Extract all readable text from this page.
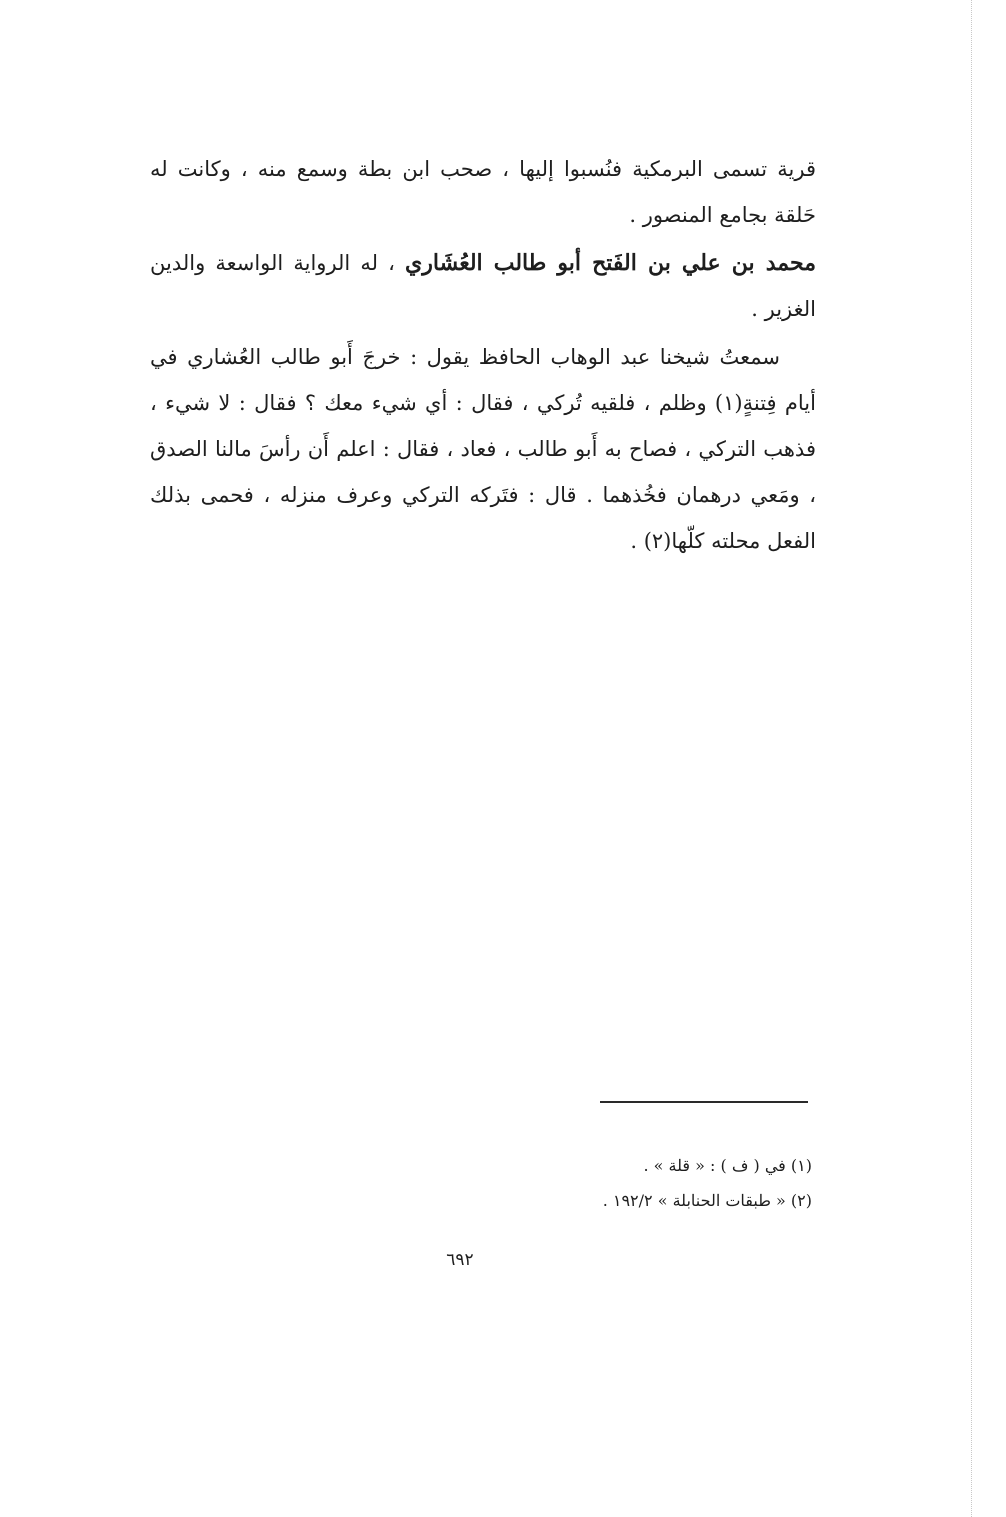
قرية تسمى البرمكية فنُسبوا إليها ، صحب ابن بطة وسمع منه ، وكانت له حَلقة بجامع المنصور .

محمد بن علي بن الفَتح أبو طالب العُشَاري ، له الرواية الواسعة والدين الغزير .

سمعتُ شيخنا عبد الوهاب الحافظ يقول : خرجَ أَبو طالب العُشاري في أيام فِتنةٍ(١) وظلم ، فلقيه تُركي ، فقال : أي شيء معك ؟ فقال : لا شيء ، فذهب التركي ، فصاح به أَبو طالب ، فعاد ، فقال : اعلم أَن رأسَ مالنا الصدق ، ومَعي درهمان فخُذهما . قال : فتَركه التركي وعرف منزله ، فحمى بذلك الفعل محلته كلّها(٢) .

(١) في ( ف ) : « قلة » .

(٢) « طبقات الحنابلة » ١٩٢/٢ .

٦٩٢
